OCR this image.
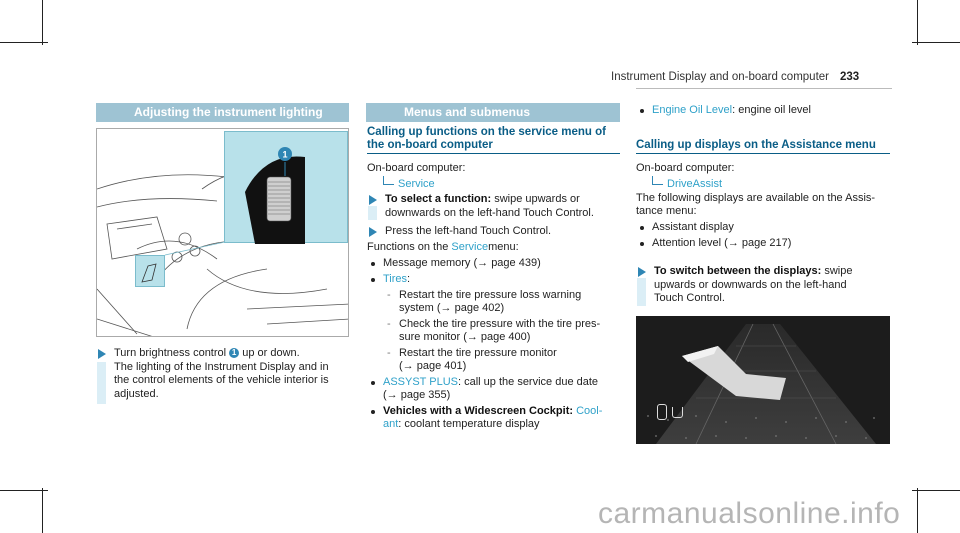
Instrument Display and on-board computer 233
Adjusting the instrument lighting
1
Turn brightness control 1 up or down.
The lighting of the Instrument Display and in
the control elements of the vehicle interior is
adjusted.
Menus and submenus
Calling up functions on the service menu of
the on-board computer
On-board computer:
Service
To select a function: swipe upwards or
downwards on the left-hand Touch Control.
Press the left-hand Touch Control.
Functions on the Servicemenu:
Message memory (→ page 439)
Tires:
- Restart the tire pressure loss warning
system (→ page 402)
- Check the tire pressure with the tire pres-
sure monitor (→ page 400)
- Restart the tire pressure monitor
(→ page 401)
ASSYST PLUS: call up the service due date
(→ page 355)
Vehicles with a Widescreen Cockpit: Cool-
ant: coolant temperature display
Engine Oil Level: engine oil level
Calling up displays on the Assistance menu
On-board computer:
DriveAssist
The following displays are available on the Assis-
tance menu:
Assistant display
Attention level (→ page 217)
To switch between the displays: swipe
upwards or downwards on the left-hand
Touch Control.
carmanualsonline.info
